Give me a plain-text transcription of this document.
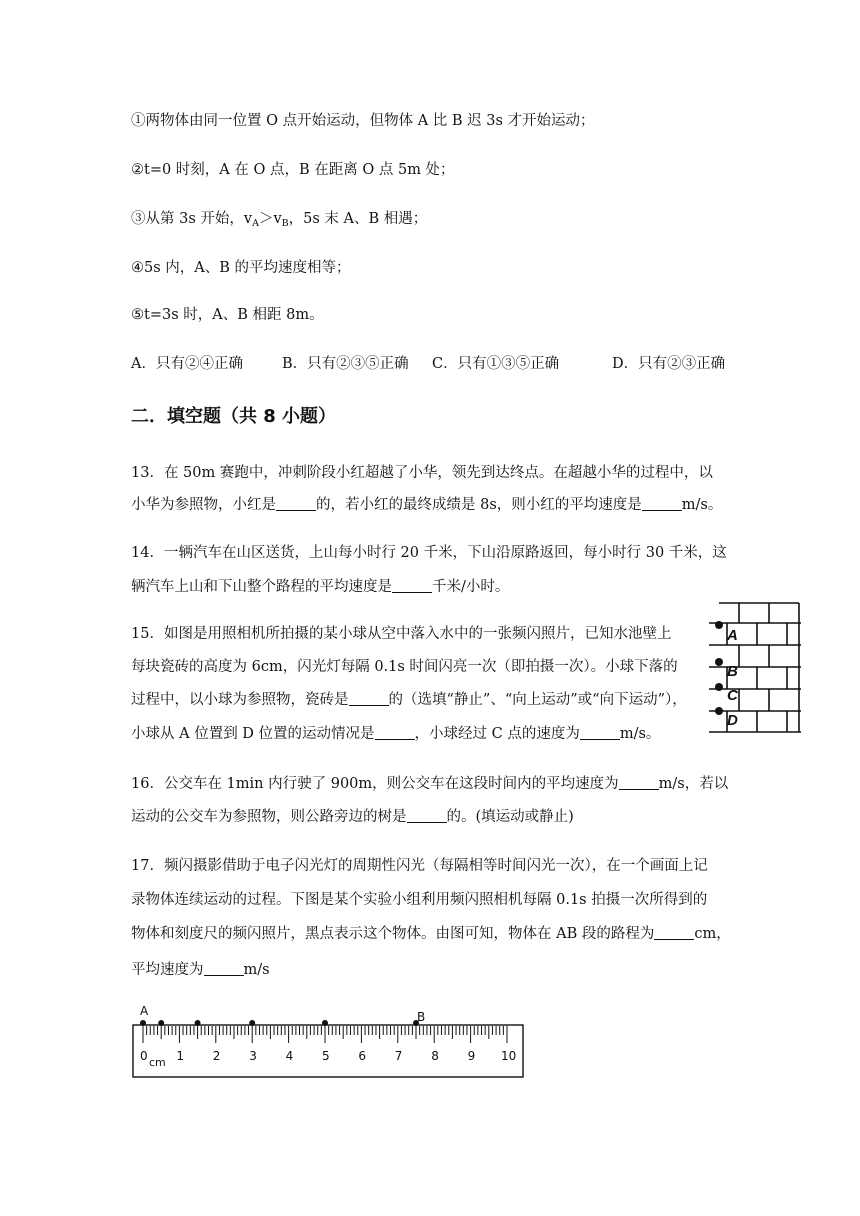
①两物体由同一位置 O 点开始运动，但物体 A 比 B 迟 3s 才开始运动；
②t=0 时刻，A 在 O 点，B 在距离 O 点 5m 处；
③从第 3s 开始，$v_A>v_B$，5s 末 A、B 相遇；
④5s 内，A、B 的平均速度相等；
⑤t=3s 时，A、B 相距 8m。
A．只有②④正确	B．只有②③⑤正确 C．只有①③⑤正确	D．只有②③正确
二．填空题（共 8 小题）
13．在 50m 赛跑中，冲刺阶段小红超越了小华，领先到达终点。在超越小华的过程中，以
小华为参照物，小红是	的，若小红的最终成绩是 8s，则小红的平均速度是	m/s。
14．一辆汽车在山区送货，上山每小时行 20 千米，下山沿原路返回，每小时行 30 千米，这
辆汽车上山和下山整个路程的平均速度是	千米/小时。
15．如图是用照相机所拍摄的某小球从空中落入水中的一张频闪照片，已知水池壁上
每块瓷砖的高度为 6cm，闪光灯每隔 0.1s 时间闪亮一次（即拍摄一次）。小球下落的
过程中，以小球为参照物，瓷砖是	的（选填“静止”、“向上运动”或“向下运动”），
小球从 A 位置到 D 位置的运动情况是	，小球经过 C 点的速度为	m/s。
A
B
C
D
16．公交车在 1min 内行驶了 900m，则公交车在这段时间内的平均速度为	m/s，若以
运动的公交车为参照物，则公路旁边的树是	的。(填运动或静止)
17．频闪摄影借助于电子闪光灯的周期性闪光（每隔相等时间闪光一次），在一个画面上记
录物体连续运动的过程。下图是某个实验小组利用频闪照相机每隔 0.1s 拍摄一次所得到的
物体和刻度尺的频闪照片，黑点表示这个物体。由图可知，物体在 AB 段的路程为	cm，
平均速度为	m/s
A	B
0 1 2 3 4 5 6 7 8 9 10
cm
